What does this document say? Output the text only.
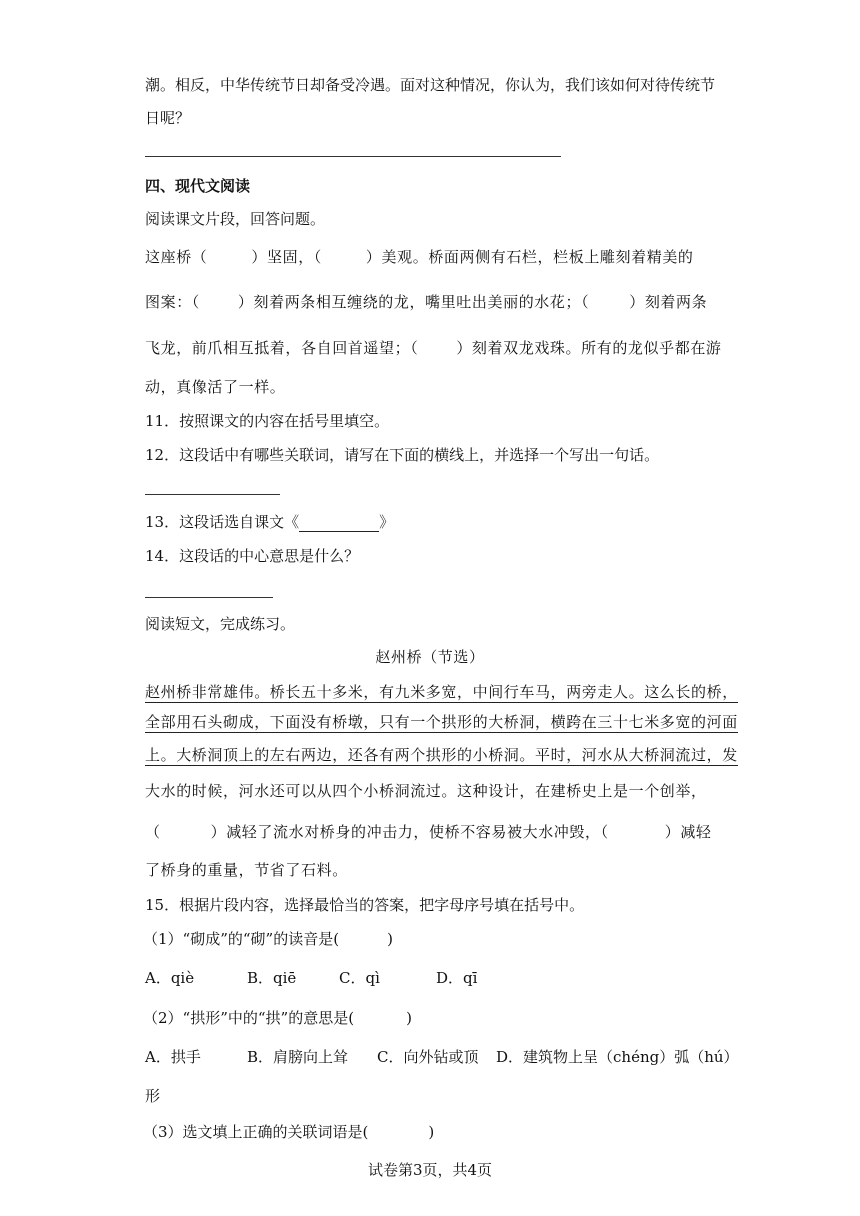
潮。相反，中华传统节日却备受冷遇。面对这种情况，你认为，我们该如何对待传统节
日呢？
四、现代文阅读
阅读课文片段，回答问题。
这座桥（	）坚固，（	）美观。桥面两侧有石栏，栏板上雕刻着精美的
图案：（	）刻着两条相互缠绕的龙，嘴里吐出美丽的水花；（	）刻着两条
飞龙，前爪相互抵着，各自回首遥望；（	）刻着双龙戏珠。所有的龙似乎都在游
动，真像活了一样。
11．按照课文的内容在括号里填空。
12．这段话中有哪些关联词，请写在下面的横线上，并选择一个写出一句话。
13．这段话选自课文《	》
14．这段话的中心意思是什么？
阅读短文，完成练习。
赵州桥（节选）
赵州桥非常雄伟。桥长五十多米，有九米多宽，中间行车马，两旁走人。这么长的桥，
全部用石头砌成，下面没有桥墩，只有一个拱形的大桥洞，横跨在三十七米多宽的河面
上。大桥洞顶上的左右两边，还各有两个拱形的小桥洞。平时，河水从大桥洞流过，发
大水的时候，河水还可以从四个小桥洞流过。这种设计，在建桥史上是一个创举，
（	）减轻了流水对桥身的冲击力，使桥不容易被大水冲毁，（	）减轻
了桥身的重量，节省了石料。
15．根据片段内容，选择最恰当的答案，把字母序号填在括号中。
（1）“砌成”的“砌”的读音是(	)
A．qiè	B．qiē	C．qì	D．qī
（2）“拱形”中的“拱”的意思是(	)
A．拱手	B．肩膀向上耸 C．向外钻或顶 D．建筑物上呈（chéng）弧（hú）
形
（3）选文填上正确的关联词语是(	)
试卷第3页，共4页
